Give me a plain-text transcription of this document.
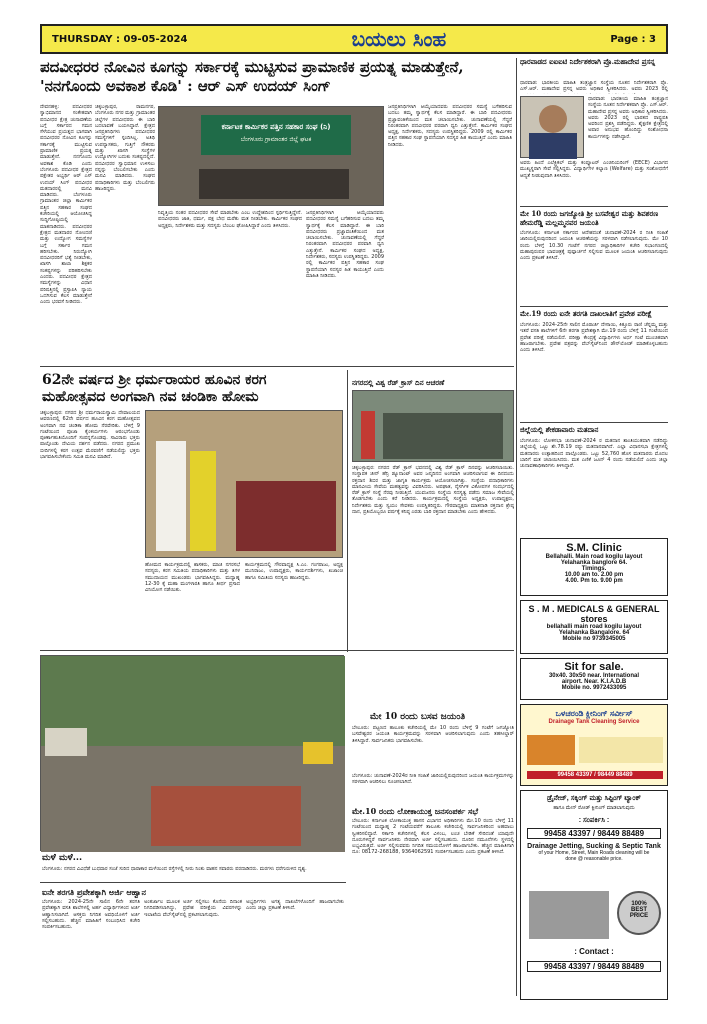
THURSDAY : 09-05-2024	ಬಯಲು ಸಿಂಹ	Page : 3
ಪದವೀಧರರ ನೋವಿನ ಕೂಗನ್ನು ಸರ್ಕಾರಕ್ಕೆ ಮುಟ್ಟಿಸುವ ಪ್ರಾಮಾಣಿಕ ಪ್ರಯತ್ನ ಮಾಡುತ್ತೇನೆ, 'ನನಗೊಂದು ಅವಕಾಶ ಕೊಡಿ' : ಆರ್ ಎಸ್ ಉದಯ್ ಸಿಂಗ್
ದೇವನಹಳ್ಳಿ: ಪದವೀಧರರ ಸ್ವಾಭಿಮಾನದ ಸಂಕೇತವಾಗಿ ಪದವೀಧರ ಕ್ಷೇತ್ರ ಚುನಾವಣೆಯ ಬಗ್ಗೆ ಸರ್ಕಾರದ ಗಮನ ಸೆಳೆಯುವ ಪ್ರಯತ್ನದ ಭಾಗವಾಗಿ ಪದವೀಧರರ ನೋವಿನ ಕೂಗನ್ನು ಸರ್ಕಾರಕ್ಕೆ ಮುಟ್ಟಿಸುವ ಪ್ರಾಮಾಣಿಕ ಪ್ರಯತ್ನ ಮಾಡುತ್ತೇನೆ. ನನಗೊಂದು ಅವಕಾಶ ಕೊಡಿ ಎಂದು ಬೆಂಗಳೂರು ಪದವೀಧರ ಕ್ಷೇತ್ರದ ಪಕ್ಷೇತರ ಅಭ್ಯರ್ಥಿ ಆರ್ ಎಸ್ ಉದಯ್ ಸಿಂಗ್ ಪದವೀಧರ ಮತದಾರರಲ್ಲಿ ಮನವಿ ಮಾಡಿದರು. ಬೆಂಗಳೂರು ಗ್ರಾಮಾಂತರ ಜಿಲ್ಲಾ ಕಾರ್ಮಿಕರ ಪತ್ತಿನ ಸಹಕಾರ ಸಂಘದ ಕಚೇರಿಯಲ್ಲಿ ಆಯೋಜಿಸಿದ್ದ ಸುದ್ದಿಗೋಷ್ಠಿಯಲ್ಲಿ ಮಾತನಾಡಿದರು. ಪದವೀಧರರ ಕ್ಷೇತ್ರದ ಮತದಾರರ ನೋಂದಣಿ ಮತ್ತು ಉದ್ಯೋಗ ಸಮಸ್ಯೆಗಳ ಬಗ್ಗೆ ಸರ್ಕಾರ ಗಮನ ಹರಿಸಬೇಕು. ನಿರುದ್ಯೋಗಿ ಪದವೀಧರರಿಗೆ ಭತ್ಯೆ ನೀಡಬೇಕು, ಖಾಸಗಿ ಶಾಲಾ ಶಿಕ್ಷಕರ ಸಂಕಷ್ಟಗಳನ್ನು ಪರಿಹರಿಸಬೇಕು ಎಂದರು. ಪದವೀಧರ ಕ್ಷೇತ್ರದ ಸಮಸ್ಯೆಗಳನ್ನು ವಿಧಾನ ಪರಿಷತ್ತಿನಲ್ಲಿ ಪ್ರಸ್ತಾಪಿಸಿ ನ್ಯಾಯ ಒದಗಿಸುವ ಕೆಲಸ ಮಾಡುತ್ತೇನೆ ಎಂದು ಭರವಸೆ ನೀಡಿದರು.
ಕರ್ನಾಟಕ ಕಾರ್ಮಿಕರ ಪತ್ತಿನ ಸಹಕಾರ ಸಂಘ (ನಿ)
ಬೆಂಗಳೂರು ಗ್ರಾಮಾಂತರ ಜಿಲ್ಲೆ ಘಟಕ
ಚಿಕ್ಕಬಳ್ಳಾಪುರ, ರಾಮನಗರ, ಬೆಂಗಳೂರು ನಗರ ಮತ್ತು ಗ್ರಾಮಾಂತರ ಜಿಲ್ಲೆಗಳ ಪದವೀಧರರು ಈ ಬಾರಿ ಬದಲಾವಣೆ ಬಯಸಿದ್ದಾರೆ. ಕ್ಷೇತ್ರದ ಜನಪ್ರತಿನಿಧಿಗಳು ಪದವೀಧರರ ಸಮಸ್ಯೆಗಳಿಗೆ ಸ್ಪಂದಿಸಿಲ್ಲ. ಅತಿಥಿ ಉಪನ್ಯಾಸಕರು, ಗುತ್ತಿಗೆ ನೌಕರರು ಮತ್ತು ಖಾಸಗಿ ಸಂಸ್ಥೆಗಳ ಉದ್ಯೋಗಿಗಳ ಬದುಕು ಸಂಕಷ್ಟದಲ್ಲಿದೆ. ಪದವೀಧರರ ಸ್ವಾಭಿಮಾನ ಉಳಿಸಲು ನನ್ನನ್ನು ಬೆಂಬಲಿಸಬೇಕು ಎಂದು ಮನವಿ ಮಾಡಿದರು. ಸಂಘದ ಪದಾಧಿಕಾರಿಗಳು ಮತ್ತು ಬೆಂಬಲಿಗರು ಹಾಜರಿದ್ದರು.
ನಿವೃತ್ತಿಯ ನಂತರ ಪದವೀಧರರ ಸೇವೆ ಮಾಡಬೇಕು ಎಂಬ ಉದ್ದೇಶದಿಂದ ಸ್ಪರ್ಧಿಸುತ್ತಿದ್ದೇನೆ. ಪದವೀಧರರು ಜಾತಿ, ಧರ್ಮ, ಪಕ್ಷ ಬೇಧ ಮರೆತು ಮತ ನೀಡಬೇಕು. ಕಾರ್ಮಿಕರ ಸಂಘದ ಅಧ್ಯಕ್ಷರು, ನಿರ್ದೇಶಕರು ಮತ್ತು ಸದಸ್ಯರು ಬೆಂಬಲ ಘೋಷಿಸಿದ್ದಾರೆ ಎಂದು ತಿಳಿಸಿದರು.
ಜನಪ್ರತಿನಿಧಿಗಳಾಗಿ ಆಯ್ಕೆಯಾದವರು ಪದವೀಧರರ ಸಮಸ್ಯೆ ಬಗೆಹರಿಸುವ ಬದಲು ತಮ್ಮ ಸ್ವಾರ್ಥಕ್ಕೆ ಕೆಲಸ ಮಾಡಿದ್ದಾರೆ. ಈ ಬಾರಿ ಪದವೀಧರರು ಪ್ರಜ್ಞಾವಂತಿಕೆಯಿಂದ ಮತ ಚಲಾಯಿಸಬೇಕು. ಚುನಾವಣೆಯಲ್ಲಿ ಗೆದ್ದರೆ ನಿರಂತರವಾಗಿ ಪದವೀಧರರ ಪರವಾಗಿ ಧ್ವನಿ ಎತ್ತುತ್ತೇನೆ. ಕಾರ್ಮಿಕರ ಸಂಘದ ಅಧ್ಯಕ್ಷ, ನಿರ್ದೇಶಕರು, ಸದಸ್ಯರು ಉಪಸ್ಥಿತರಿದ್ದರು. 2009 ರಲ್ಲಿ ಕಾರ್ಮಿಕರ ಪತ್ತಿನ ಸಹಕಾರ ಸಂಘ ಸ್ಥಾಪನೆಯಾಗಿ ಸದಸ್ಯರ ಹಿತ ಕಾಯುತ್ತಿದೆ ಎಂದು ಮಾಹಿತಿ ನೀಡಿದರು.
ಜನಪ್ರತಿನಿಧಿಗಳಾಗಿ ಆಯ್ಕೆಯಾದವರು ಪದವೀಧರರ ಸಮಸ್ಯೆ ಬಗೆಹರಿಸುವ ಬದಲು ತಮ್ಮ ಸ್ವಾರ್ಥಕ್ಕೆ ಕೆಲಸ ಮಾಡಿದ್ದಾರೆ. ಈ ಬಾರಿ ಪದವೀಧರರು ಪ್ರಜ್ಞಾವಂತಿಕೆಯಿಂದ ಮತ ಚಲಾಯಿಸಬೇಕು. ಚುನಾವಣೆಯಲ್ಲಿ ಗೆದ್ದರೆ ನಿರಂತರವಾಗಿ ಪದವೀಧರರ ಪರವಾಗಿ ಧ್ವನಿ ಎತ್ತುತ್ತೇನೆ. ಕಾರ್ಮಿಕರ ಸಂಘದ ಅಧ್ಯಕ್ಷ, ನಿರ್ದೇಶಕರು, ಸದಸ್ಯರು ಉಪಸ್ಥಿತರಿದ್ದರು. 2009 ರಲ್ಲಿ ಕಾರ್ಮಿಕರ ಪತ್ತಿನ ಸಹಕಾರ ಸಂಘ ಸ್ಥಾಪನೆಯಾಗಿ ಸದಸ್ಯರ ಹಿತ ಕಾಯುತ್ತಿದೆ ಎಂದು ಮಾಹಿತಿ ನೀಡಿದರು.
62ನೇ ವರ್ಷದ ಶ್ರೀ ಧರ್ಮರಾಯರ ಹೂವಿನ ಕರಗ ಮಹೋತ್ಸವದ ಅಂಗವಾಗಿ ನವ ಚಂಡಿಕಾ ಹೋಮ
ಚಿಕ್ಕಬಳ್ಳಾಪುರ: ನಗರದ ಶ್ರೀ ಧರ್ಮರಾಯಸ್ವಾಮಿ ದೇವಾಲಯದ ಆವರಣದಲ್ಲಿ 62ನೇ ವರ್ಷದ ಹೂವಿನ ಕರಗ ಮಹೋತ್ಸವದ ಅಂಗವಾಗಿ ನವ ಚಂಡಿಕಾ ಹೋಮ ನೆರವೇರಿತು. ಬೆಳಿಗ್ಗೆ 9 ಗಂಟೆಯಿಂದ ಪೂಜಾ ಕೈಂಕರ್ಯಗಳು ಆರಂಭಗೊಂಡು ಪೂರ್ಣಾಹುತಿಯೊಂದಿಗೆ ಸಂಪನ್ನಗೊಂಡವು. ಸಾವಿರಾರು ಭಕ್ತರು ಪಾಲ್ಗೊಂಡು ದೇವಿಯ ದರ್ಶನ ಪಡೆದರು. ನಗರದ ಪ್ರಮುಖ ಬೀದಿಗಳಲ್ಲಿ ಕರಗ ಉತ್ಸವ ಮೆರವಣಿಗೆ ನಡೆಯಲಿದ್ದು ಭಕ್ತರು ಭಾಗವಹಿಸಬೇಕೆಂದು ಸಮಿತಿ ಮನವಿ ಮಾಡಿದೆ.
ಹೋಮದ ಕಾರ್ಯಕ್ರಮದಲ್ಲಿ ಶಾಸಕರು, ಮಾಜಿ ನಗರಸಭೆ ಸದಸ್ಯರು, ಕರಗ ಸಮಿತಿಯ ಪದಾಧಿಕಾರಿಗಳು ಮತ್ತು ತಿಗಳ ಸಮುದಾಯದ ಮುಖಂಡರು ಭಾಗವಹಿಸಿದ್ದರು. ಮಧ್ಯಾಹ್ನ 12-30 ಕ್ಕೆ ಮಹಾ ಮಂಗಳಾರತಿ ಹಾಗೂ ತೀರ್ಥ ಪ್ರಸಾದ ವಿನಿಯೋಗ ನಡೆಯಿತು.
ಕಾರ್ಯಕ್ರಮದಲ್ಲಿ ಗೌರವಾಧ್ಯಕ್ಷ ಸಿ.ಎಂ. ಗಂಗರಾಜು, ಅಧ್ಯಕ್ಷ ಮುನಿರಾಜು, ಉಪಾಧ್ಯಕ್ಷರು, ಕಾರ್ಯದರ್ಶಿಗಳು, ಖಜಾಂಚಿ ಹಾಗೂ ಸಮಿತಿಯ ಸದಸ್ಯರು ಹಾಜರಿದ್ದರು.
ನಗರದಲ್ಲಿ ವಿಶ್ವ ರೆಡ್ ಕ್ರಾಸ್ ದಿನ ಆಚರಣೆ
ಚಿಕ್ಕಬಳ್ಳಾಪುರ: ನಗರದ ರೆಡ್ ಕ್ರಾಸ್ ಭವನದಲ್ಲಿ ವಿಶ್ವ ರೆಡ್ ಕ್ರಾಸ್ ದಿನವನ್ನು ಆಚರಿಸಲಾಯಿತು. ಸಂಸ್ಥಾಪಕ ಜೀನ್ ಹೆನ್ರಿ ಡ್ಯೂನಾಂಟ್ ಅವರ ಜನ್ಮದಿನದ ಅಂಗವಾಗಿ ಆಚರಿಸಲಾಗುವ ಈ ದಿನದಂದು ರಕ್ತದಾನ ಶಿಬಿರ ಮತ್ತು ಜಾಗೃತಿ ಕಾರ್ಯಕ್ರಮ ಆಯೋಜಿಸಲಾಗಿತ್ತು. ಸಂಸ್ಥೆಯ ಪದಾಧಿಕಾರಿಗಳು ಮಾನವೀಯ ಸೇವೆಯ ಮಹತ್ವವನ್ನು ವಿವರಿಸಿದರು. ಅಪಘಾತ, ನೈಸರ್ಗಿಕ ವಿಕೋಪಗಳ ಸಂದರ್ಭದಲ್ಲಿ ರೆಡ್ ಕ್ರಾಸ್ ಸಂಸ್ಥೆ ನೆರವು ನೀಡುತ್ತಿದೆ. ಯುವಜನರು ಸಂಸ್ಥೆಯ ಸದಸ್ಯತ್ವ ಪಡೆದು ಸಮಾಜ ಸೇವೆಯಲ್ಲಿ ತೊಡಗಬೇಕು ಎಂದು ಕರೆ ನೀಡಿದರು. ಕಾರ್ಯಕ್ರಮದಲ್ಲಿ ಸಂಸ್ಥೆಯ ಅಧ್ಯಕ್ಷರು, ಉಪಾಧ್ಯಕ್ಷರು, ನಿರ್ದೇಶಕರು ಮತ್ತು ಸ್ವಯಂ ಸೇವಕರು ಉಪಸ್ಥಿತರಿದ್ದರು. ಗೌರವಾಧ್ಯಕ್ಷರು ಮಾತನಾಡಿ ರಕ್ತದಾನ ಶ್ರೇಷ್ಠ ದಾನ, ಪ್ರತಿಯೊಬ್ಬರೂ ವರ್ಷಕ್ಕೆ ಕನಿಷ್ಠ ಎರಡು ಬಾರಿ ರಕ್ತದಾನ ಮಾಡಬೇಕು ಎಂದು ಹೇಳಿದರು.
ಮಳೆ ಮಳೆ...
ಬೆಂಗಳೂರು: ನಗರದ ವಿವಿಧೆಡೆ ಬುಧವಾರ ಸಂಜೆ ಸುರಿದ ಧಾರಾಕಾರ ಮಳೆಯಿಂದ ರಸ್ತೆಗಳಲ್ಲಿ ನೀರು ನಿಂತು ವಾಹನ ಸವಾರರು ಪರದಾಡಿದರು. ಮರಗಳು ಧರೆಗುರುಳಿದ ದೃಶ್ಯ.
ಮೇ 10 ರಂದು ಬಸವ ಜಯಂತಿ
ಬೇಲೂರು: ಪಟ್ಟಣದ ತಾಲೂಕು ಕಚೇರಿಯಲ್ಲಿ ಮೇ 10 ರಂದು ಬೆಳಿಗ್ಗೆ 9 ಗಂಟೆಗೆ ಜಗಜ್ಯೋತಿ ಬಸವೇಶ್ವರರ ಜಯಂತಿ ಕಾರ್ಯಕ್ರಮವನ್ನು ಸರಳವಾಗಿ ಆಚರಿಸಲಾಗುವುದು ಎಂದು ತಹಸೀಲ್ದಾರ್ ತಿಳಿಸಿದ್ದಾರೆ. ಸಾರ್ವಜನಿಕರು ಭಾಗವಹಿಸಬೇಕು.
ಬೆಂಗಳೂರು: ಚುನಾವಣೆ-2024ರ ನೀತಿ ಸಂಹಿತೆ ಜಾರಿಯಲ್ಲಿರುವುದರಿಂದ ಜಯಂತಿ ಕಾರ್ಯಕ್ರಮಗಳನ್ನು ಸರಳವಾಗಿ ಆಚರಿಸಲು ಸೂಚಿಸಲಾಗಿದೆ.
ಮೇ.10 ರಂದು ಲೋಕಾಯುಕ್ತ ಜನಸಂಪರ್ಕ ಸಭೆ
ಬೇಲೂರು: ಕರ್ನಾಟಕ ಲೋಕಾಯುಕ್ತ ಹಾಸನ ವಿಭಾಗದ ಅಧಿಕಾರಿಗಳು ಮೇ.10 ರಂದು ಬೆಳಿಗ್ಗೆ 11 ಗಂಟೆಯಿಂದ ಮಧ್ಯಾಹ್ನ 2 ಗಂಟೆಯವರೆಗೆ ತಾಲೂಕು ಕಚೇರಿಯಲ್ಲಿ ಸಾರ್ವಜನಿಕರಿಂದ ಅಹವಾಲು ಸ್ವೀಕರಿಸಲಿದ್ದಾರೆ. ಸರ್ಕಾರಿ ಕಚೇರಿಗಳಲ್ಲಿ ಕೆಲಸ ವಿಳಂಬ, ಲಂಚ ಬೇಡಿಕೆ ಸೇರಿದಂತೆ ಯಾವುದೇ ದೂರುಗಳಿದ್ದರೆ ಸಾರ್ವಜನಿಕರು ನೇರವಾಗಿ ಅರ್ಜಿ ಸಲ್ಲಿಸಬಹುದು. ದೂರಿನ ನಮೂನೆಗಳು ಸ್ಥಳದಲ್ಲಿ ಲಭ್ಯವಿರುತ್ತವೆ. ಅರ್ಜಿ ಸಲ್ಲಿಸುವವರು ನಿಗದಿತ ಸಮಯದೊಳಗೆ ಹಾಜರಾಗಬೇಕು. ಹೆಚ್ಚಿನ ಮಾಹಿತಿಗಾಗಿ ದೂ: 08172-268188, 9364062591 ಸಂಪರ್ಕಿಸಬಹುದು ಎಂದು ಪ್ರಕಟಣೆ ತಿಳಿಸಿದೆ.
ಐನೇ ತರಗತಿ ಪ್ರವೇಶಕ್ಕಾಗಿ ಅರ್ಜಿ ಆಹ್ವಾನ
ಬೆಂಗಳೂರು: 2024-25ನೇ ಸಾಲಿನ 6ನೇ ತರಗತಿ ಪ್ರವೇಶಕ್ಕಾಗಿ ವಸತಿ ಶಾಲೆಗಳಲ್ಲಿ ಅರ್ಹ ವಿದ್ಯಾರ್ಥಿಗಳಿಂದ ಅರ್ಜಿ ಆಹ್ವಾನಿಸಲಾಗಿದೆ. ಆಸಕ್ತರು ನಿಗದಿತ ಅವಧಿಯೊಳಗೆ ಅರ್ಜಿ ಸಲ್ಲಿಸಬಹುದು. ಹೆಚ್ಚಿನ ಮಾಹಿತಿಗೆ ಸಂಬಂಧಿಸಿದ ಕಚೇರಿ ಸಂಪರ್ಕಿಸಬಹುದು.
ಅಂತರ್ಜಾಲ ಮೂಲಕ ಅರ್ಜಿ ಸಲ್ಲಿಸಲು ಕೊನೆಯ ದಿನಾಂಕ ನಿಗದಿಪಡಿಸಲಾಗಿದ್ದು, ಪ್ರವೇಶ ಪರೀಕ್ಷೆಯ ವಿವರಗಳನ್ನು ಇಲಾಖೆಯ ವೆಬ್‌ಸೈಟ್‌ನಲ್ಲಿ ಪ್ರಕಟಿಸಲಾಗುವುದು.
ಅಭ್ಯರ್ಥಿಗಳು ಅಗತ್ಯ ದಾಖಲೆಗಳೊಂದಿಗೆ ಹಾಜರಾಗಬೇಕು ಎಂದು ಜಿಲ್ಲಾ ಪ್ರಕಟಣೆ ತಿಳಿಸಿದೆ.
ಧಾರವಾಡದ ಐಐಐಟಿ ನಿರ್ದೇಶಕರಾಗಿ ಪ್ರೊ.ಮಹಾದೇವ ಪ್ರಸನ್ನ
ಧಾರವಾಡ: ಭಾರತೀಯ ಮಾಹಿತಿ ತಂತ್ರಜ್ಞಾನ ಸಂಸ್ಥೆಯ ನೂತನ ನಿರ್ದೇಶಕರಾಗಿ ಪ್ರೊ. ಎಸ್.ಆರ್. ಮಹಾದೇವ ಪ್ರಸನ್ನ ಅವರು ಅಧಿಕಾರ ಸ್ವೀಕರಿಸಿದರು. ಅವರು 2023 ರಲ್ಲಿ
ಧಾರವಾಡ: ಭಾರತೀಯ ಮಾಹಿತಿ ತಂತ್ರಜ್ಞಾನ ಸಂಸ್ಥೆಯ ನೂತನ ನಿರ್ದೇಶಕರಾಗಿ ಪ್ರೊ. ಎಸ್.ಆರ್. ಮಹಾದೇವ ಪ್ರಸನ್ನ ಅವರು ಅಧಿಕಾರ ಸ್ವೀಕರಿಸಿದರು. ಅವರು 2023 ರಲ್ಲಿ ಭಾರತದ ರಾಷ್ಟ್ರಪತಿ ಅವರಿಂದ ಪ್ರಶಸ್ತಿ ಪಡೆದಿದ್ದರು. ಶೈಕ್ಷಣಿಕ ಕ್ಷೇತ್ರದಲ್ಲಿ ಅಪಾರ ಅನುಭವ ಹೊಂದಿದ್ದು ಸಂಶೋಧನಾ ಕಾರ್ಯಗಳನ್ನು ನಡೆಸಿದ್ದಾರೆ.
ಅವರು ಹಿಂದೆ ಎಲೆಕ್ಟ್ರಿಕಲ್ ಮತ್ತು ಕಂಪ್ಯೂಟರ್ ಎಂಜಿನಿಯರಿಂಗ್ (EECE) ವಿಭಾಗದ ಮುಖ್ಯಸ್ಥರಾಗಿ ಸೇವೆ ಸಲ್ಲಿಸಿದ್ದರು. ವಿದ್ಯಾರ್ಥಿಗಳ ಕಲ್ಯಾಣ (Welfare) ಮತ್ತು ಸಂಶೋಧನೆಗೆ ಆದ್ಯತೆ ನೀಡುವುದಾಗಿ ತಿಳಿಸಿದರು.
ಮೇ 10 ರಂದು ಜಗಜ್ಯೋತಿ ಶ್ರೀ ಬಸವೇಶ್ವರ ಮತ್ತು ಶಿವಶರಣ ಹೇಮರೆಡ್ಡಿ ಮಲ್ಲಮ್ಮನವರ ಜಯಂತಿ
ಬೆಂಗಳೂರು: ಕರ್ನಾಟಕ ಸರ್ಕಾರದ ಆದೇಶದಂತೆ ಚುನಾವಣೆ-2024 ರ ನೀತಿ ಸಂಹಿತೆ ಜಾರಿಯಲ್ಲಿರುವುದರಿಂದ ಜಯಂತಿ ಆಚರಣೆಯನ್ನು ಸರಳವಾಗಿ ನಡೆಸಲಾಗುವುದು. ಮೇ 10 ರಂದು ಬೆಳಿಗ್ಗೆ 10.30 ಗಂಟೆಗೆ ನಗರದ ಜಿಲ್ಲಾಧಿಕಾರಿಗಳ ಕಚೇರಿ ಸಭಾಂಗಣದಲ್ಲಿ ಮಹಾಪುರುಷರ ಭಾವಚಿತ್ರಕ್ಕೆ ಪುಷ್ಪಾರ್ಚನೆ ಸಲ್ಲಿಸುವ ಮೂಲಕ ಜಯಂತಿ ಆಚರಿಸಲಾಗುವುದು ಎಂದು ಪ್ರಕಟಣೆ ತಿಳಿಸಿದೆ.
ಮೇ.19 ರಂದು ಐನೇ ತರಗತಿ ದಾಖಲಾತಿಗೆ ಪ್ರವೇಶ ಪರೀಕ್ಷೆ
ಬೆಂಗಳೂರು: 2024-25ನೇ ಸಾಲಿನ ಮೊರಾರ್ಜಿ ದೇಸಾಯಿ, ಕಿತ್ತೂರು ರಾಣಿ ಚೆನ್ನಮ್ಮ ಮತ್ತು ಇತರೆ ವಸತಿ ಶಾಲೆಗಳಿಗೆ 6ನೇ ತರಗತಿ ಪ್ರವೇಶಕ್ಕಾಗಿ ಮೇ.19 ರಂದು ಬೆಳಿಗ್ಗೆ 11 ಗಂಟೆಯಿಂದ ಪ್ರವೇಶ ಪರೀಕ್ಷೆ ನಡೆಯಲಿದೆ. ಪರೀಕ್ಷಾ ಕೇಂದ್ರಕ್ಕೆ ವಿದ್ಯಾರ್ಥಿಗಳು ಅರ್ಧ ಗಂಟೆ ಮುಂಚಿತವಾಗಿ ಹಾಜರಾಗಬೇಕು. ಪ್ರವೇಶ ಪತ್ರವನ್ನು ವೆಬ್‌ಸೈಟ್‌ನಿಂದ ಡೌನ್‌ಲೋಡ್ ಮಾಡಿಕೊಳ್ಳಬಹುದು ಎಂದು ತಿಳಿಸಿದೆ.
ಜಿಲ್ಲೆಯಲ್ಲಿ ಶೇಕಡಾವಾರು ಮತದಾನ
ಬೆಂಗಳೂರು: ಲೋಕಸಭಾ ಚುನಾವಣೆ-2024 ರ ಮತದಾನ ಶಾಂತಿಯುತವಾಗಿ ನಡೆದಿದ್ದು ಜಿಲ್ಲೆಯಲ್ಲಿ ಒಟ್ಟು ಶೇ.78.19 ರಷ್ಟು ಮತದಾನವಾಗಿದೆ. ಎಲ್ಲಾ ವಿಧಾನಸಭಾ ಕ್ಷೇತ್ರಗಳಲ್ಲಿ ಮತದಾರರು ಉತ್ಸಾಹದಿಂದ ಪಾಲ್ಗೊಂಡರು. ಒಟ್ಟು 52,760 ಹೊಸ ಮತದಾರರು ಮೊದಲ ಬಾರಿಗೆ ಮತ ಚಲಾಯಿಸಿದರು. ಮತ ಎಣಿಕೆ ಜೂನ್ 4 ರಂದು ನಡೆಯಲಿದೆ ಎಂದು ಜಿಲ್ಲಾ ಚುನಾವಣಾಧಿಕಾರಿಗಳು ತಿಳಿಸಿದ್ದಾರೆ.
S.M. Clinic
Bellahalli. Main road kogilu layout
Yelahanka banglore 64.
Timings.
10.00 am to. 2.00 pm
4.00. Pm to. 9.00 pm
S . M . MEDICALS & GENERAL stores
bellahalli main road kogilu layout
Yelahanka Bangalore. 64
Mobile no 9739345005
Sit for sale.
30x40. 30x50 near. International
airport. Near. K.I.A.D.B
Mobile no. 9972433095
ಒಳಚರಂಡಿ ಕ್ಲೀನಿಂಗ್ ಸರ್ವೀಸ್
Drainage Tank Cleaning Service
99458 43397 / 98449 88489
ಡ್ರೈನೇಜ್, ಸಕ್ಕಿಂಗ್ ಮತ್ತು ಸಿಪ್ಟಿಂಗ್ ಟ್ಯಾಂಕ್
ಹಾಗೂ ಮೇನ್ ರೋಡ್ ಕ್ಲೀನಿಂಗ್ ಮಾಡಲಾಗುವುದು
: ಸಂಪರ್ಕಿಸಿ :
99458 43397 / 98449 88489
Drainage Jetting, Sucking & Septic Tank
of your Home, Street, Main Roads cleaning will be
done @ reasonable price.
100%
BEST
PRICE
: Contact :
99458 43397 / 98449 88489
